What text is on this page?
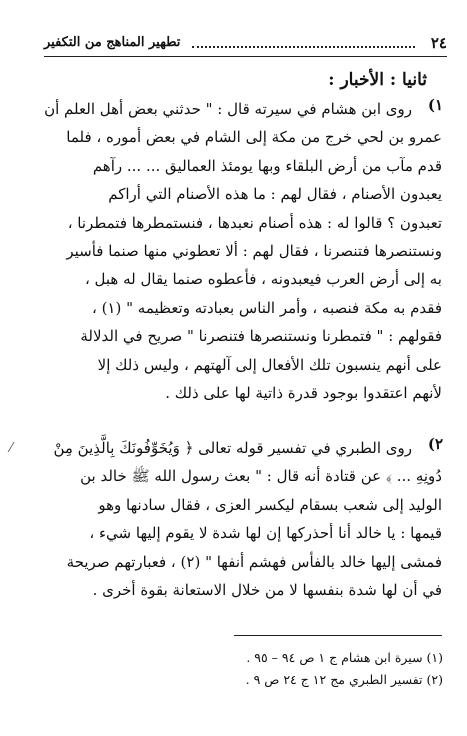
٢٤
تطهير المناهج من التكفير
ثانيا : الأخبار :
١)
روى ابن هشام في سيرته قال : " حدثني بعض أهل العلم أن
عمرو بن لحي خرج من مكة إلى الشام في بعض أموره ، فلما
قدم مآب من أرض البلقاء وبها يومئذ العماليق ... ... رآهم
يعبدون الأصنام ، فقال لهم : ما هذه الأصنام التي أراكم
تعبدون ؟ قالوا له : هذه أصنام نعبدها ، فنستمطرها فتمطرنا ،
ونستنصرها فتنصرنا ، فقال لهم : ألا تعطوني منها صنما فأسير
به إلى أرض العرب فيعبدونه ، فأعطوه صنما يقال له هبل ،
فقدم به مكة فنصبه ، وأمر الناس بعبادته وتعظيمه " (١) ،
فقولهم : " فتمطرنا ونستنصرها فتنصرنا " صريح في الدلالة
على أنهم ينسبون تلك الأفعال إلى آلهتهم ، وليس ذلك إلا
لأنهم اعتقدوا بوجود قدرة ذاتية لها على ذلك .
⁄	٢)
روى الطبري في تفسير قوله تعالى ﴿ وَيُخَوِّفُونَكَ بِالَّذِينَ مِنْ
دُونِهِ ... ﴾ عن قتادة أنه قال : " بعث رسول الله ﷺ خالد بن
الوليد إلى شعب بسقام ليكسر العزى ، فقال سادنها وهو
قيمها : يا خالد أنا أحذركها إن لها شدة لا يقوم إليها شيء ،
فمشى إليها خالد بالفأس فهشم أنفها " (٢) ، فعبارتهم صريحة
في أن لها شدة بنفسها لا من خلال الاستعانة بقوة أخرى .
(١) سيرة ابن هشام ج ١ ص ٩٤ – ٩٥ .
(٢) تفسير الطبري مج ١٢ ج ٢٤ ص ٩ .
